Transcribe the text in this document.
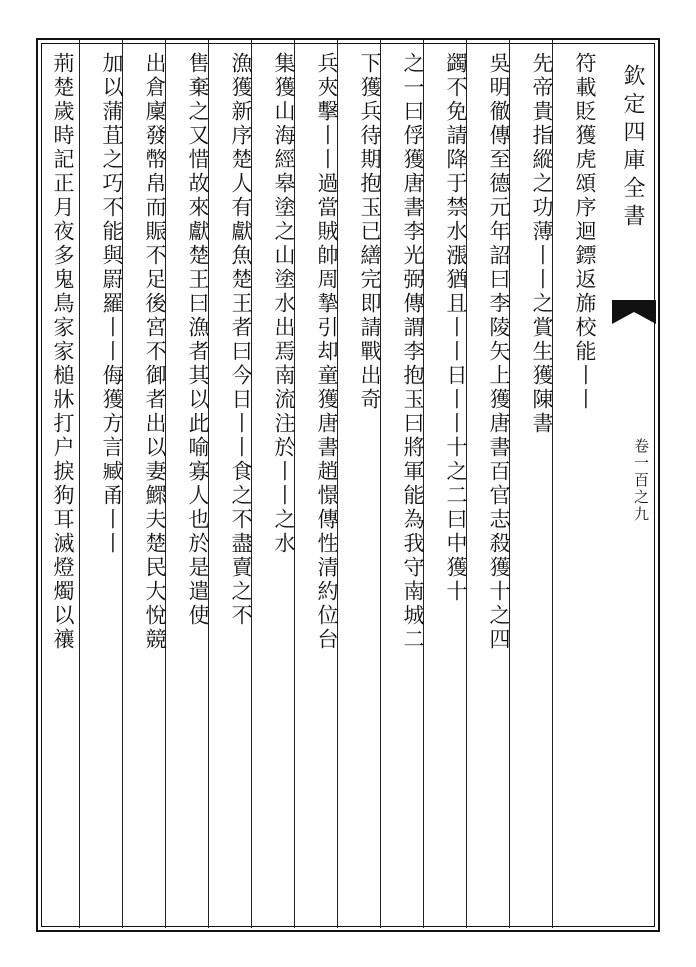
欽定四庫全書
卷一百之九
符載貶獲虎頌序迴鏢返旆校能丨丨
先帝貴指縱之功薄丨丨之賞生獲陳書
吳明徹傳至德元年詔曰李陵矢上獲唐書百官志殺獲十之四
蠲不免請降于禁水漲猶且丨丨日丨丨十之二曰中獲十
之一曰俘獲唐書李光弼傳謂李抱玉曰將軍能為我守南城二
下獲兵待期抱玉已繕完即請戰出奇
兵夾擊丨丨過當賊帥周摯引却童獲唐書趙憬傳性清約位台
集獲山海經皋塗之山塗水出焉南流注於丨丨之水
漁獲新序楚人有獻魚楚王者曰今日丨丨食之不盡賣之不
售棄之又惜故來獻楚王曰漁者其以此喻寡人也於是遣使
出倉廩發幣帛而賑不足後宮不御者出以妻鰥夫楚民大悅競
加以蒲苴之巧不能與罻羅丨丨侮獲方言臧甬丨丨
荊楚歲時記正月夜多鬼鳥家家槌牀打户捩狗耳滅燈燭以禳
